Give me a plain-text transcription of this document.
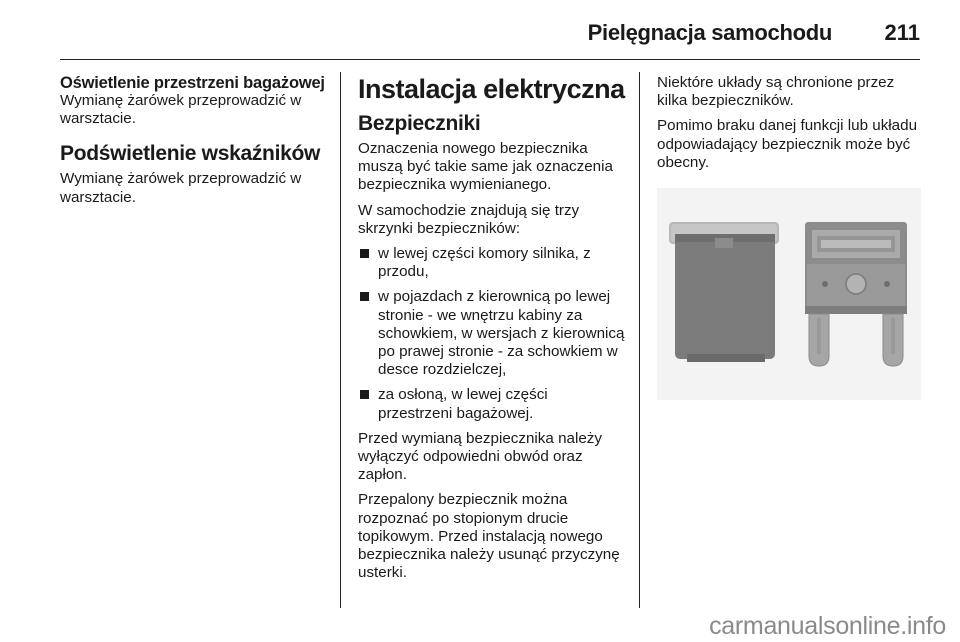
Pielęgnacja samochodu 211
Oświetlenie przestrzeni bagażowej

Wymianę żarówek przeprowadzić w warsztacie.

Podświetlenie wskaźników

Wymianę żarówek przeprowadzić w warsztacie.

Instalacja elektryczna
Bezpieczniki

Oznaczenia nowego bezpiecznika muszą być takie same jak oznaczenia bezpiecznika wymienianego.

W samochodzie znajdują się trzy skrzynki bezpieczników:

w lewej części komory silnika, z przodu,
w pojazdach z kierownicą po lewej stronie - we wnętrzu kabiny za schowkiem, w wersjach z kierownicą po prawej stronie - za schowkiem w desce rozdzielczej,
za osłoną, w lewej części przestrzeni bagażowej.

Przed wymianą bezpiecznika należy wyłączyć odpowiedni obwód oraz zapłon.

Przepalony bezpiecznik można rozpoznać po stopionym drucie topikowym. Przed instalacją nowego bezpiecznika należy usunąć przyczynę usterki.

Niektóre układy są chronione przez kilka bezpieczników.

Pomimo braku danej funkcji lub układu odpowiadający bezpiecznik może być obecny.

carmanualsonline.info
